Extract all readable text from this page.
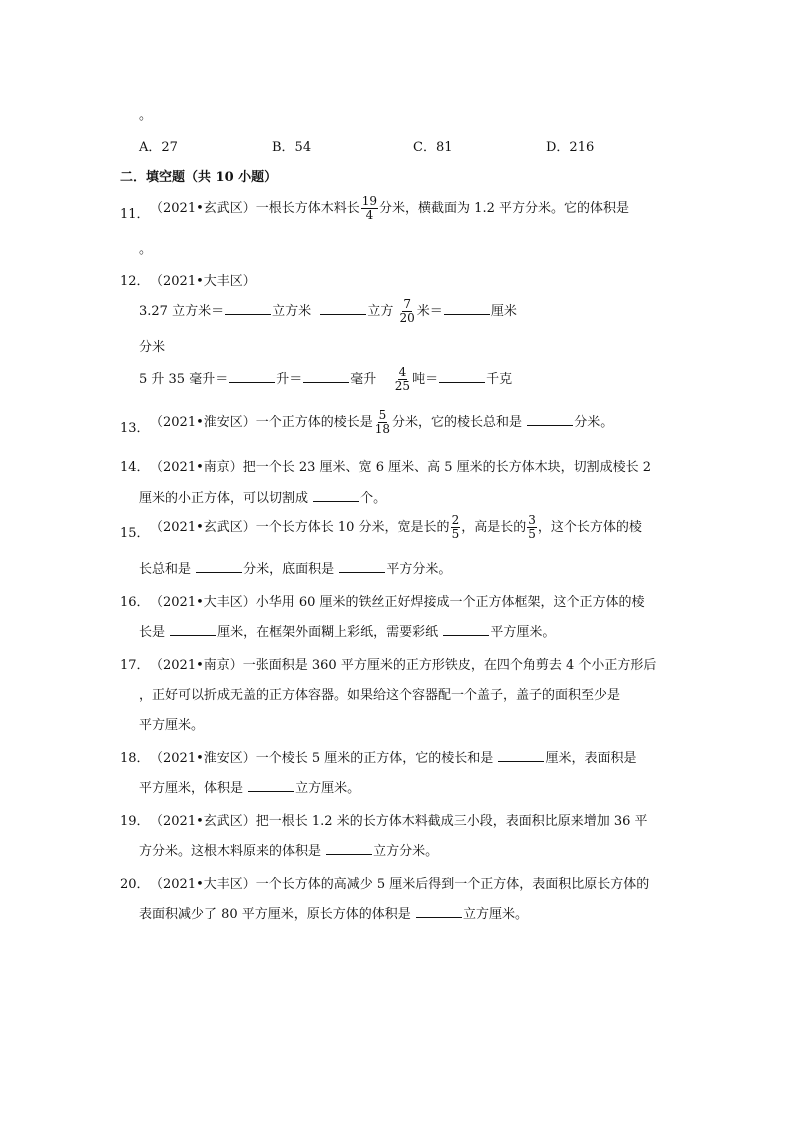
。
A．27	B．54	C．81	D．216
二．填空题（共 10 小题）
11． （2021•玄武区）一根长方体木料长 $\frac{19}{4}$ 分米，横截面为 1.2 平方分米。它的体积是
。
12． （2021•大丰区）
3.27 立方米＝	立方米	立方 $\frac{7}{20}$ 米＝	厘米
分米
5 升 35 毫升＝	升＝	毫升 $\frac{4}{25}$ 吨＝	千克
13． （2021•淮安区）一个正方体的棱长是 $\frac{5}{18}$ 分米，它的棱长总和是	分米。
14． （2021•南京）把一个长 23 厘米、宽 6 厘米、高 5 厘米的长方体木块，切割成棱长 2
厘米的小正方体，可以切割成	个。
15． （2021•玄武区）一个长方体长 10 分米，宽是长的 $\frac{2}{5}$ ，高是长的 $\frac{3}{5}$ ，这个长方体的棱
长总和是	分米，底面积是	平方分米。
16． （2021•大丰区）小华用 60 厘米的铁丝正好焊接成一个正方体框架，这个正方体的棱
长是	厘米，在框架外面糊上彩纸，需要彩纸	平方厘米。
17． （2021•南京）一张面积是 360 平方厘米的正方形铁皮，在四个角剪去 4 个小正方形后
，正好可以折成无盖的正方体容器。如果给这个容器配一个盖子，盖子的面积至少是
平方厘米。
18． （2021•淮安区）一个棱长 5 厘米的正方体，它的棱长和是	厘米，表面积是
平方厘米，体积是	立方厘米。
19． （2021•玄武区）把一根长 1.2 米的长方体木料截成三小段，表面积比原来增加 36 平
方分米。这根木料原来的体积是	立方分米。
20． （2021•大丰区）一个长方体的高减少 5 厘米后得到一个正方体，表面积比原长方体的
表面积减少了 80 平方厘米，原长方体的体积是	立方厘米。
